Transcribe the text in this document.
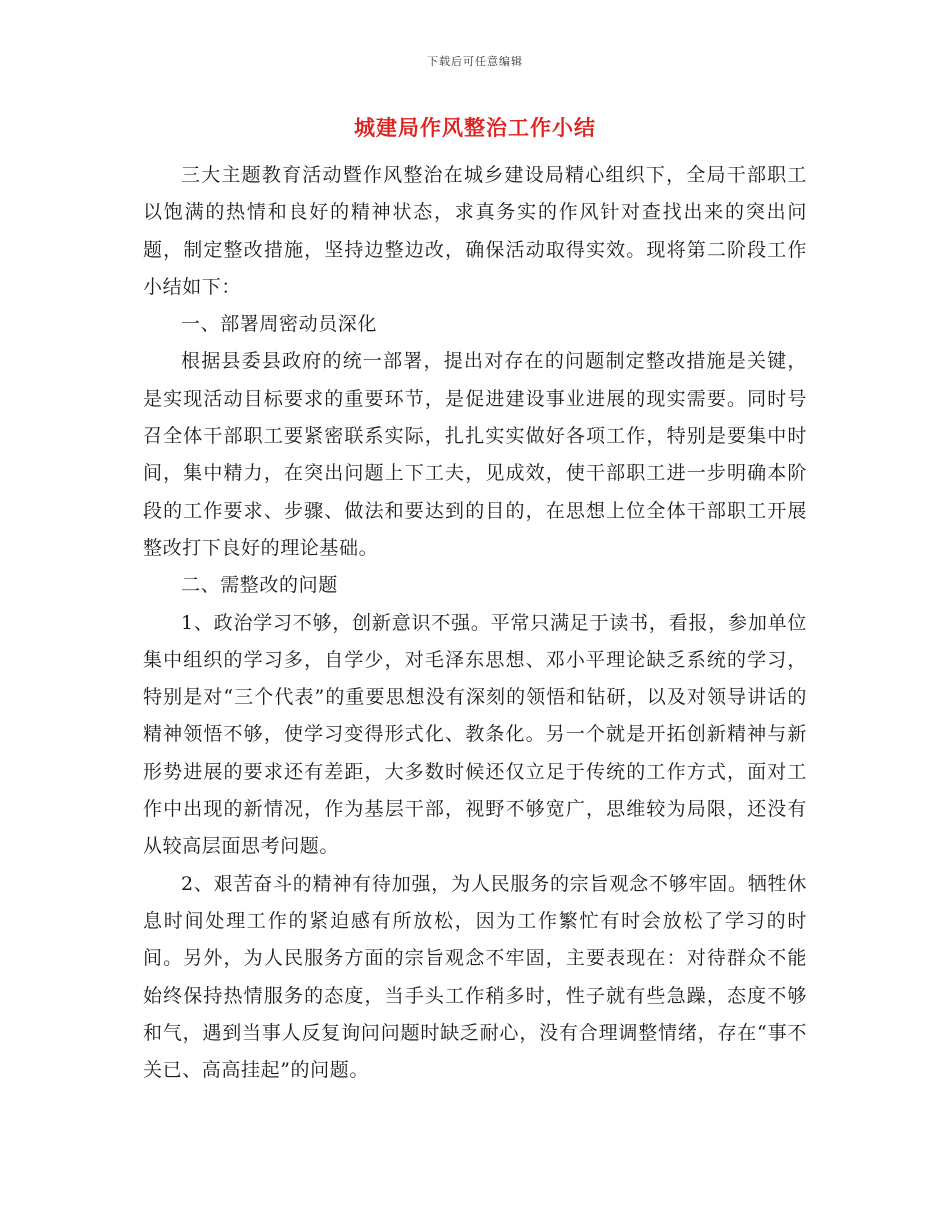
下载后可任意编辑
城建局作风整治工作小结

三大主题教育活动暨作风整治在城乡建设局精心组织下，全局干部职工以饱满的热情和良好的精神状态，求真务实的作风针对查找出来的突出问题，制定整改措施，坚持边整边改，确保活动取得实效。现将第二阶段工作小结如下：

一、部署周密动员深化

根据县委县政府的统一部署，提出对存在的问题制定整改措施是关键，是实现活动目标要求的重要环节，是促进建设事业进展的现实需要。同时号召全体干部职工要紧密联系实际，扎扎实实做好各项工作，特别是要集中时间，集中精力，在突出问题上下工夫，见成效，使干部职工进一步明确本阶段的工作要求、步骤、做法和要达到的目的，在思想上位全体干部职工开展整改打下良好的理论基础。

二、需整改的问题

1、政治学习不够，创新意识不强。平常只满足于读书，看报，参加单位集中组织的学习多，自学少，对毛泽东思想、邓小平理论缺乏系统的学习，特别是对“三个代表”的重要思想没有深刻的领悟和钻研，以及对领导讲话的精神领悟不够，使学习变得形式化、教条化。另一个就是开拓创新精神与新形势进展的要求还有差距，大多数时候还仅立足于传统的工作方式，面对工作中出现的新情况，作为基层干部，视野不够宽广，思维较为局限，还没有从较高层面思考问题。

2、艰苦奋斗的精神有待加强，为人民服务的宗旨观念不够牢固。牺牲休息时间处理工作的紧迫感有所放松，因为工作繁忙有时会放松了学习的时间。另外，为人民服务方面的宗旨观念不牢固，主要表现在：对待群众不能始终保持热情服务的态度，当手头工作稍多时，性子就有些急躁，态度不够和气，遇到当事人反复询问问题时缺乏耐心，没有合理调整情绪，存在“事不关已、高高挂起”的问题。
